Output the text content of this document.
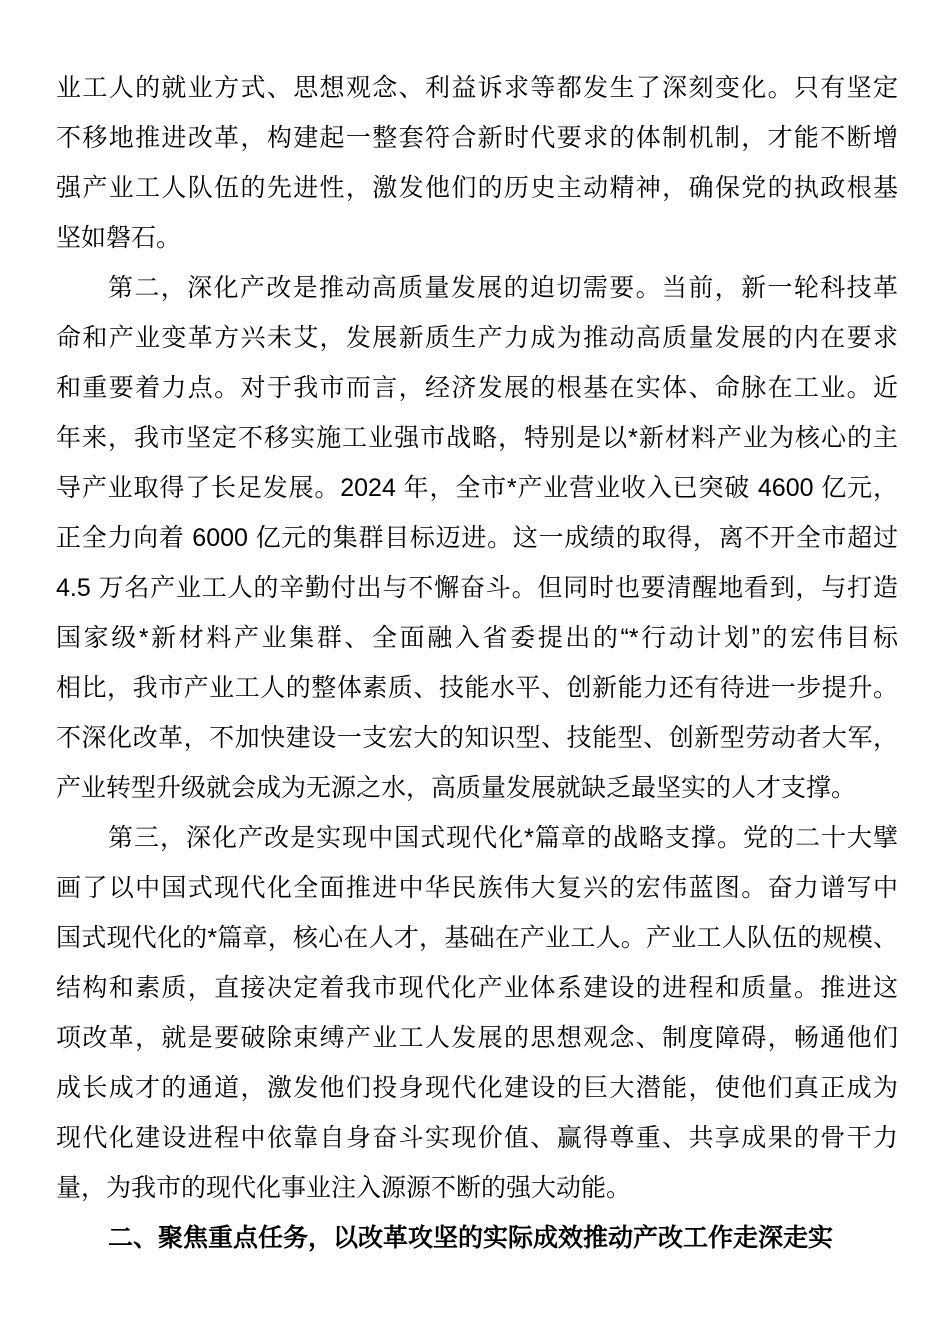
业工人的就业方式、思想观念、利益诉求等都发生了深刻变化。只有坚定
不移地推进改革，构建起一整套符合新时代要求的体制机制，才能不断增
强产业工人队伍的先进性，激发他们的历史主动精神，确保党的执政根基
坚如磐石。
第二，深化产改是推动高质量发展的迫切需要。当前，新一轮科技革
命和产业变革方兴未艾，发展新质生产力成为推动高质量发展的内在要求
和重要着力点。对于我市而言，经济发展的根基在实体、命脉在工业。近
年来，我市坚定不移实施工业强市战略，特别是以*新材料产业为核心的主
导产业取得了长足发展。2024 年，全市*产业营业收入已突破 4600 亿元，
正全力向着 6000 亿元的集群目标迈进。这一成绩的取得，离不开全市超过
4.5 万名产业工人的辛勤付出与不懈奋斗。但同时也要清醒地看到，与打造
国家级*新材料产业集群、全面融入省委提出的“*行动计划”的宏伟目标
相比，我市产业工人的整体素质、技能水平、创新能力还有待进一步提升。
不深化改革，不加快建设一支宏大的知识型、技能型、创新型劳动者大军，
产业转型升级就会成为无源之水，高质量发展就缺乏最坚实的人才支撑。
第三，深化产改是实现中国式现代化*篇章的战略支撑。党的二十大擘
画了以中国式现代化全面推进中华民族伟大复兴的宏伟蓝图。奋力谱写中
国式现代化的*篇章，核心在人才，基础在产业工人。产业工人队伍的规模、
结构和素质，直接决定着我市现代化产业体系建设的进程和质量。推进这
项改革，就是要破除束缚产业工人发展的思想观念、制度障碍，畅通他们
成长成才的通道，激发他们投身现代化建设的巨大潜能，使他们真正成为
现代化建设进程中依靠自身奋斗实现价值、赢得尊重、共享成果的骨干力
量，为我市的现代化事业注入源源不断的强大动能。
二、聚焦重点任务，以改革攻坚的实际成效推动产改工作走深走实
